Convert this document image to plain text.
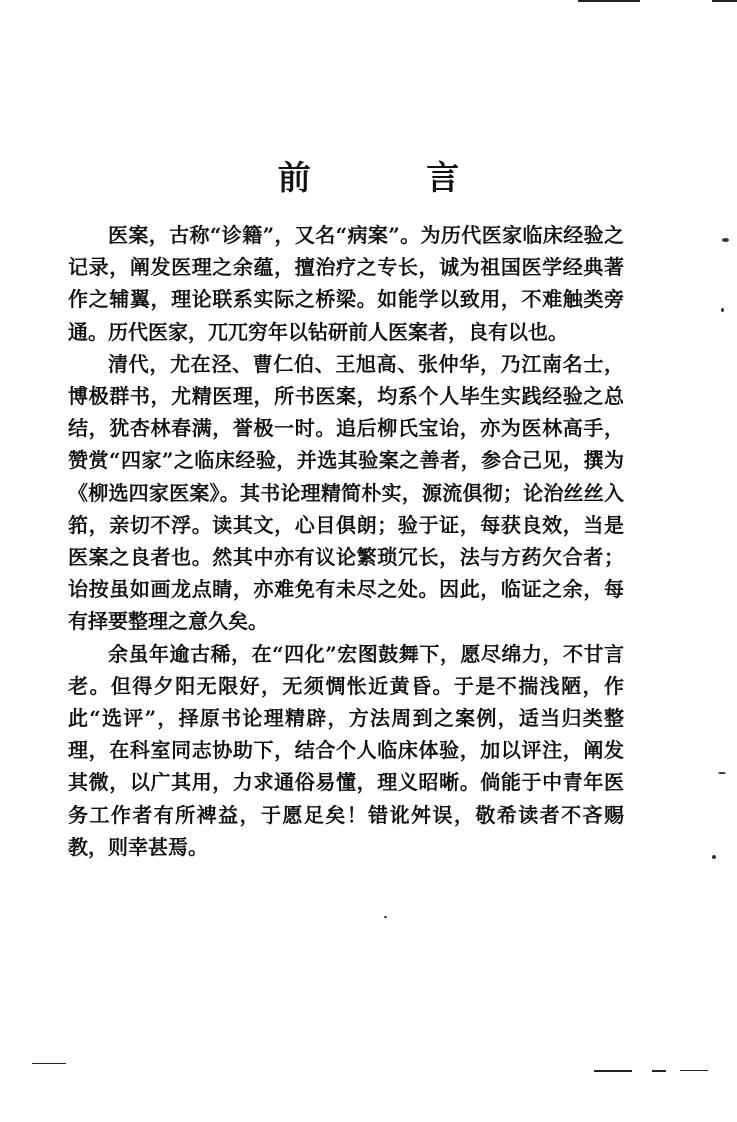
前 言

医案，古称“诊籍”，又名“病案”。为历代医家临床经验之记录，阐发医理之余蕴，擅治疗之专长，诚为祖国医学经典著作之辅翼，理论联系实际之桥梁。如能学以致用，不难触类旁通。历代医家，兀兀穷年以钻研前人医案者，良有以也。

清代，尤在泾、曹仁伯、王旭高、张仲华，乃江南名士，博极群书，尤精医理，所书医案，均系个人毕生实践经验之总结，犹杏林春满，誉极一时。追后柳氏宝诒，亦为医林高手，赞赏“四家”之临床经验，并选其验案之善者，参合己见，撰为《柳选四家医案》。其书论理精简朴实，源流俱彻；论治丝丝入筘，亲切不浮。读其文，心目俱朗；验于证，每获良效，当是医案之良者也。然其中亦有议论繁琐冗长，法与方药欠合者；诒按虽如画龙点睛，亦难免有未尽之处。因此，临证之余，每有择要整理之意久矣。

余虽年逾古稀，在“四化”宏图鼓舞下，愿尽绵力，不甘言老。但得夕阳无限好，无须惆怅近黄昏。于是不揣浅陋，作此“选评”，择原书论理精辟，方法周到之案例，适当归类整理，在科室同志协助下，结合个人临床体验，加以评注，阐发其微，以广其用，力求通俗易懂，理义昭晰。倘能于中青年医务工作者有所裨益，于愿足矣！错讹舛误，敬希读者不吝赐教，则幸甚焉。
